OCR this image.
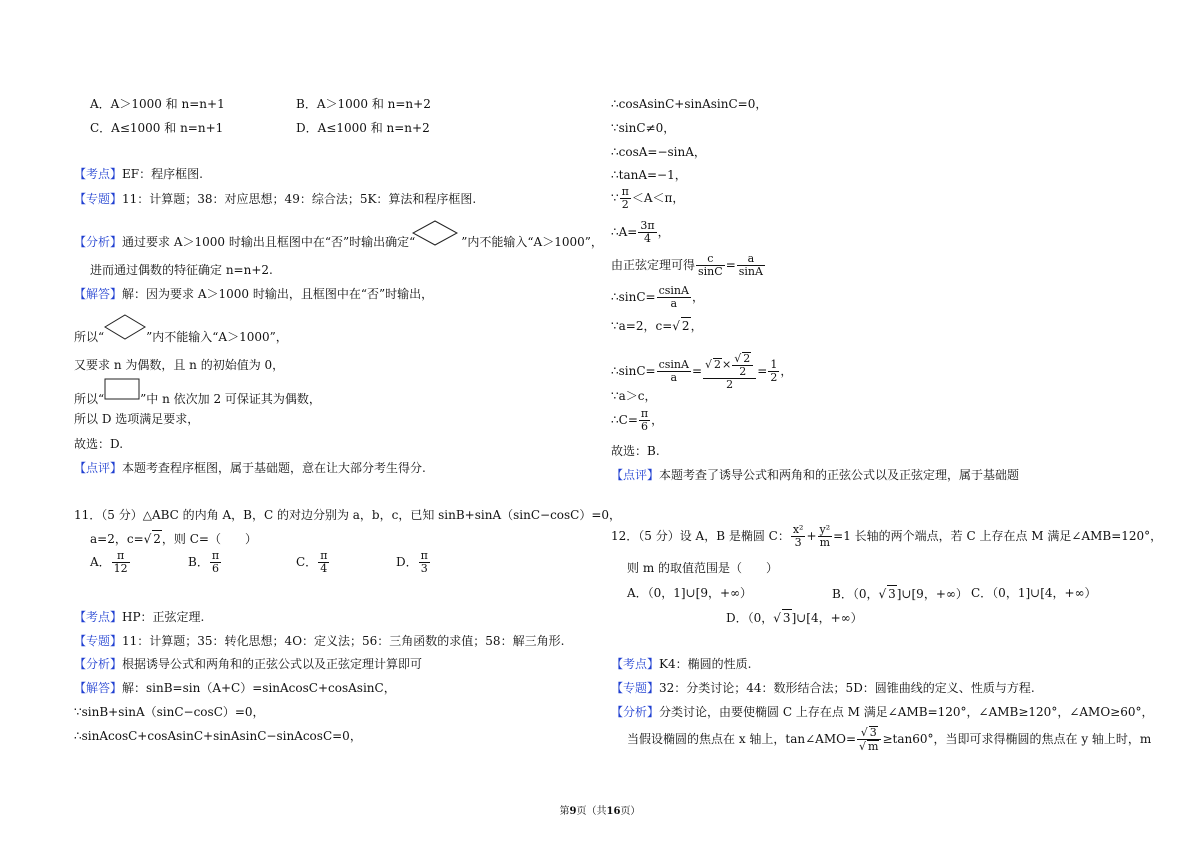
A．A＞1000 和 n=n+1	B．A＞1000 和 n=n+2
C．A≤1000 和 n=n+1	D．A≤1000 和 n=n+2
【考点】EF：程序框图.
【专题】11：计算题；38：对应思想；49：综合法；5K：算法和程序框图.
【分析】通过要求 A＞1000 时输出且框图中在“否”时输出确定“	”内不能输入“A＞1000”，
进而通过偶数的特征确定 n=n+2.
【解答】解：因为要求 A＞1000 时输出，且框图中在“否”时输出，
所以“	”内不能输入“A＞1000”，
又要求 n 为偶数，且 n 的初始值为 0，
所以“	”中 n 依次加 2 可保证其为偶数，
所以 D 选项满足要求，
故选：D.
【点评】本题考查程序框图，属于基础题，意在让大部分考生得分.
11．（5 分）△ABC 的内角 A，B，C 的对边分别为 a，b，c，已知 sinB+sinA（sinC−cosC）=0，
a=2，c=√ 2，则 C=（　　）
A． $\frac{\pi}{12}$	B． $\frac{\pi}{6}$	C． $\frac{\pi}{4}$	D． $\frac{\pi}{3}$
【考点】HP：正弦定理.
【专题】11：计算题；35：转化思想；4O：定义法；56：三角函数的求值；58：解三角形.
【分析】根据诱导公式和两角和的正弦公式以及正弦定理计算即可
【解答】解：sinB=sin（A+C）=sinAcosC+cosAsinC，
∵sinB+sinA（sinC−cosC）=0，
∴sinAcosC+cosAsinC+sinAsinC−sinAcosC=0，
∴cosAsinC+sinAsinC=0，
∵sinC≠0，
∴cosA=−sinA，
∴tanA=−1，
∵ $\frac{\pi}{2} <A<\pi$，
∴A= $\frac{3\pi}{4}$ ，
由正弦定理可得 $\frac{c}{\sin C} = \frac{a}{\sin A}$
∴sinC= $\frac{csinA}{a}$ ，
∵a=2，c=√ 2，
∴sinC= $\frac{csinA}{a} = \frac{√ 2\times \frac{√ 2}{2}}{2} = \frac{1}{2}$ ，
∵a＞c，
∴C= $\frac{\pi}{6}$ ，
故选：B.
【点评】本题考查了诱导公式和两角和的正弦公式以及正弦定理，属于基础题
12．（5 分）设 A，B 是椭圆 C： $\frac{\text{x²}}{3} + \frac{\text{y²}}{m} =1$ 长轴的两个端点，若 C 上存在点 M 满足∠AMB=120°，
则 m 的取值范围是（　　）
A．（0，1]∪[9，+∞）	B．（0，√ 3]∪[9，+∞） C．（0，1]∪[4，+∞）
D．（0，√ 3]∪[4，+∞）
【考点】K4：椭圆的性质.
【专题】32：分类讨论；44：数形结合法；5D：圆锥曲线的定义、性质与方程.
【分析】分类讨论，由要使椭圆 C 上存在点 M 满足∠AMB=120°，∠AMB≥120°，∠AMO≥60°，
当假设椭圆的焦点在 x 轴上，tan∠AMO= $\frac{√ 3}{√ m} \ge\tan 60^\circ$，当即可求得椭圆的焦点在 y 轴上时，m
第9页（共16页）
